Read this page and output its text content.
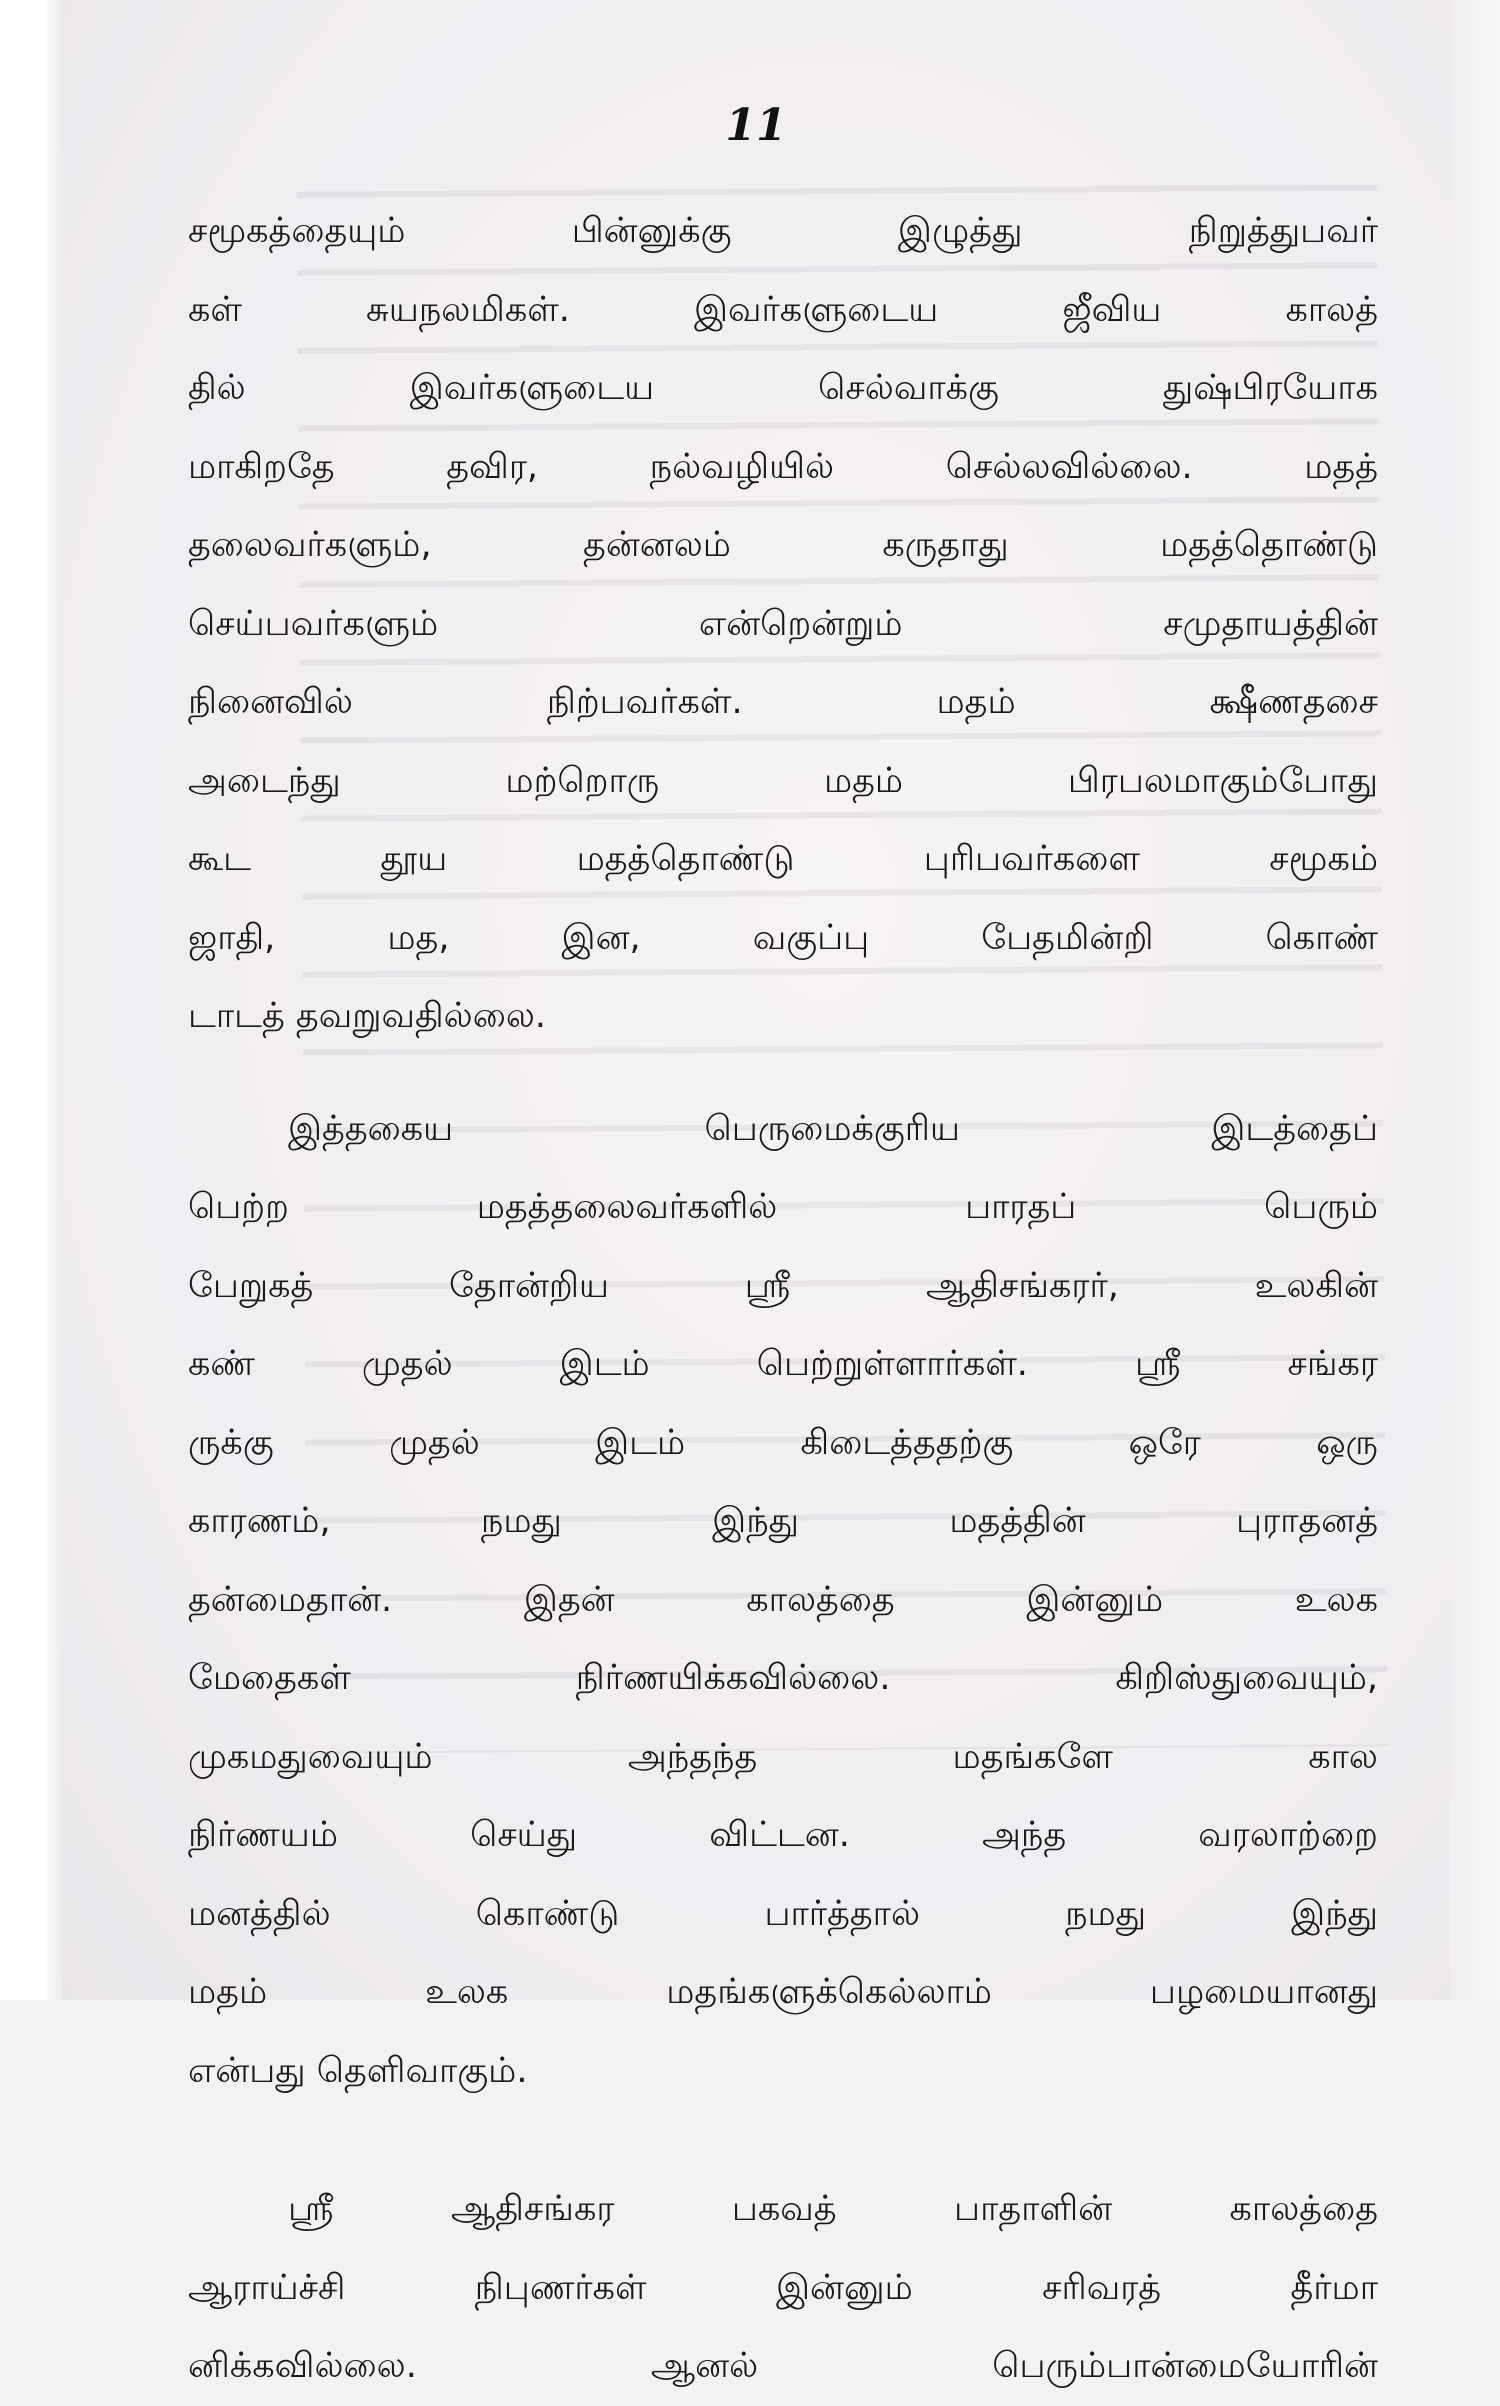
11
சமூகத்தையும் பின்னுக்கு இழுத்து நிறுத்துபவர்
கள் சுயநலமிகள். இவர்களுடைய ஜீவிய காலத்
தில் இவர்களுடைய செல்வாக்கு துஷ்பிரயோக
மாகிறதே தவிர, நல்வழியில் செல்லவில்லை. மதத்
தலைவர்களும், தன்னலம் கருதாது மதத்தொண்டு
செய்பவர்களும் என்றென்றும் சமுதாயத்தின்
நினைவில் நிற்பவர்கள். மதம் க்ஷீணதசை
அடைந்து மற்றொரு மதம் பிரபலமாகும்போது
கூட தூய மதத்தொண்டு புரிபவர்களை சமூகம்
ஜாதி, மத, இன, வகுப்பு பேதமின்றி கொண்
டாடத் தவறுவதில்லை.
இத்தகைய பெருமைக்குரிய இடத்தைப்
பெற்ற மதத்தலைவர்களில் பாரதப் பெரும்
பேறுகத் தோன்றிய ஸ்ரீ ஆதிசங்கரர், உலகின்
கண் முதல் இடம் பெற்றுள்ளார்கள். ஸ்ரீ சங்கர
ருக்கு முதல் இடம் கிடைத்ததற்கு ஒரே ஒரு
காரணம், நமது இந்து மதத்தின் புராதனத்
தன்மைதான். இதன் காலத்தை இன்னும் உலக
மேதைகள் நிர்ணயிக்கவில்லை. கிறிஸ்துவையும்,
முகமதுவையும் அந்தந்த மதங்களே கால
நிர்ணயம் செய்து விட்டன. அந்த வரலாற்றை
மனத்தில் கொண்டு பார்த்தால் நமது இந்து
மதம் உலக மதங்களுக்கெல்லாம் பழமையானது
என்பது தெளிவாகும்.
ஸ்ரீ ஆதிசங்கர பகவத் பாதாளின் காலத்தை
ஆராய்ச்சி நிபுணர்கள் இன்னும் சரிவரத் தீர்மா
னிக்கவில்லை. ஆனல் பெரும்பான்மையோரின்
